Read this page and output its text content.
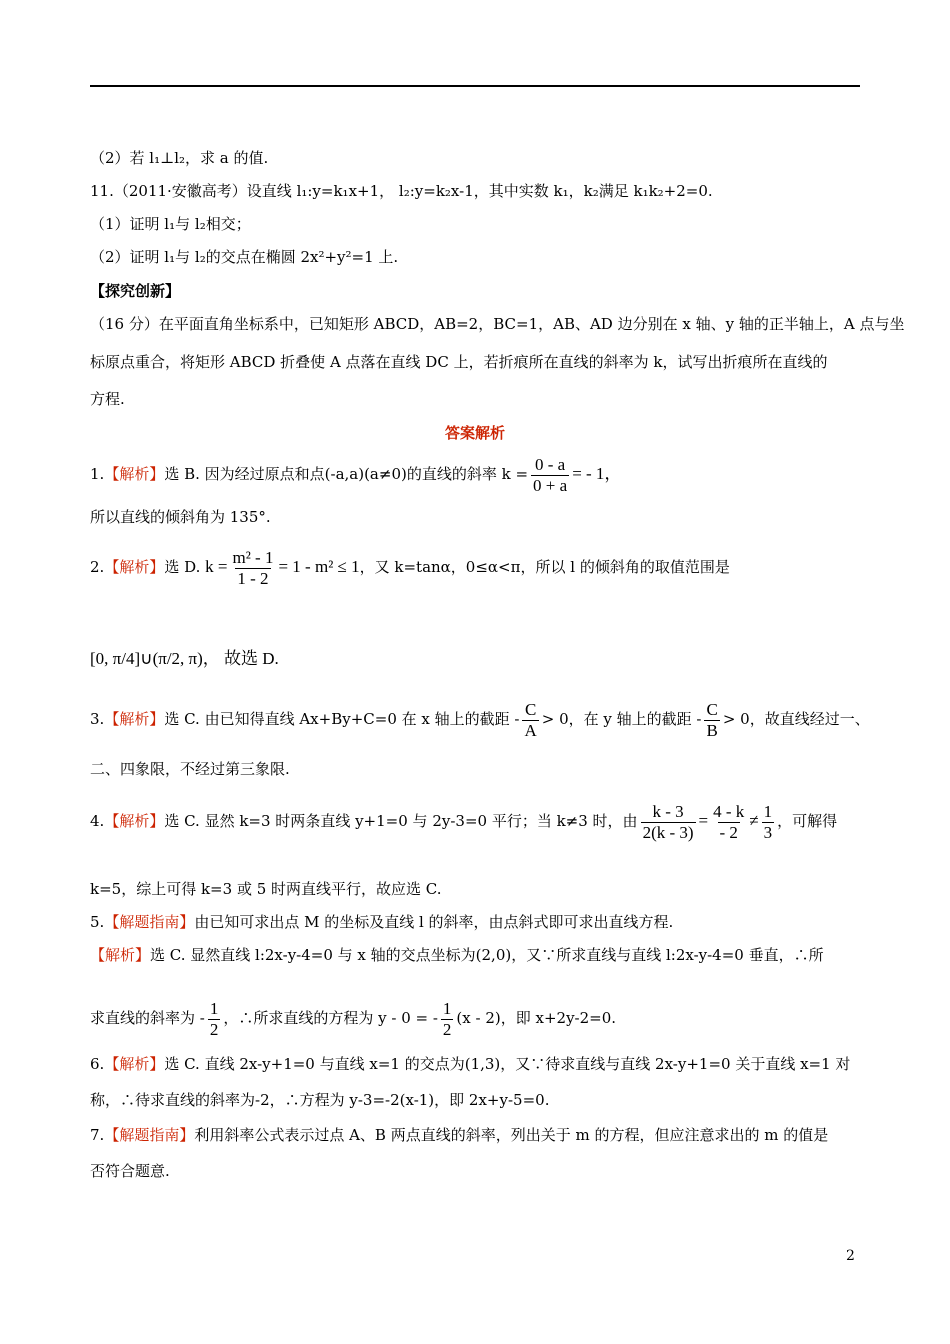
（2）若 l₁⊥l₂，求 a 的值.
11.（2011·安徽高考）设直线 l₁:y=k₁x+1， l₂:y=k₂x-1，其中实数 k₁，k₂满足 k₁k₂+2=0.
（1）证明 l₁与 l₂相交；
（2）证明 l₁与 l₂的交点在椭圆 2x²+y²=1 上.
【探究创新】
（16 分）在平面直角坐标系中，已知矩形 ABCD，AB=2，BC=1，AB、AD 边分别在 x 轴、y 轴的正半轴上，A 点与坐
标原点重合，将矩形 ABCD 折叠使 A 点落在直线 DC 上，若折痕所在直线的斜率为 k，试写出折痕所在直线的
方程.
答案解析
1.【解析】选 B. 因为经过原点和点(-a,a)(a≠0)的直线的斜率 $k = \frac{0 - a}{0 + a}$ = - 1，
所以直线的倾斜角为 135°.
2.【解析】选 D. $k = \frac{\text{m² - 1}}{1 - 2} = 1 - m^2 \le 1$，又 k=tanα，0≤α<π，所以 l 的倾斜角的取值范围是
[0, π/4]∪(π/2, π)， 故选 D.
3.【解析】选 C. 由已知得直线 Ax+By+C=0 在 x 轴上的截距 - $\frac{C}{A} > 0$，在 y 轴上的截距 - $\frac{C}{B} > 0$，故直线经过一、
二、四象限，不经过第三象限.
4.【解析】选 C. 显然 k=3 时两条直线 y+1=0 与 2y-3=0 平行；当 k≠3 时，由 $\frac{k - 3}{2(k - 3)} = \frac{4 - k}{- 2} \ne \frac{1}{3}$ ，可解得
k=5，综上可得 k=3 或 5 时两直线平行，故应选 C.
5.【解题指南】由已知可求出点 M 的坐标及直线 l 的斜率，由点斜式即可求出直线方程.
【解析】选 C. 显然直线 l:2x-y-4=0 与 x 轴的交点坐标为(2,0)，又∵所求直线与直线 l:2x-y-4=0 垂直，∴所
求直线的斜率为 - $\frac{1}{2}$ ，∴所求直线的方程为 y - 0 = - $\frac{1}{2} (x - 2)$，即 x+2y-2=0.
6.【解析】选 C. 直线 2x-y+1=0 与直线 x=1 的交点为(1,3)，又∵待求直线与直线 2x-y+1=0 关于直线 x=1 对
称，∴待求直线的斜率为-2，∴方程为 y-3=-2(x-1)，即 2x+y-5=0.
7.【解题指南】利用斜率公式表示过点 A、B 两点直线的斜率，列出关于 m 的方程，但应注意求出的 m 的值是
否符合题意.
2
